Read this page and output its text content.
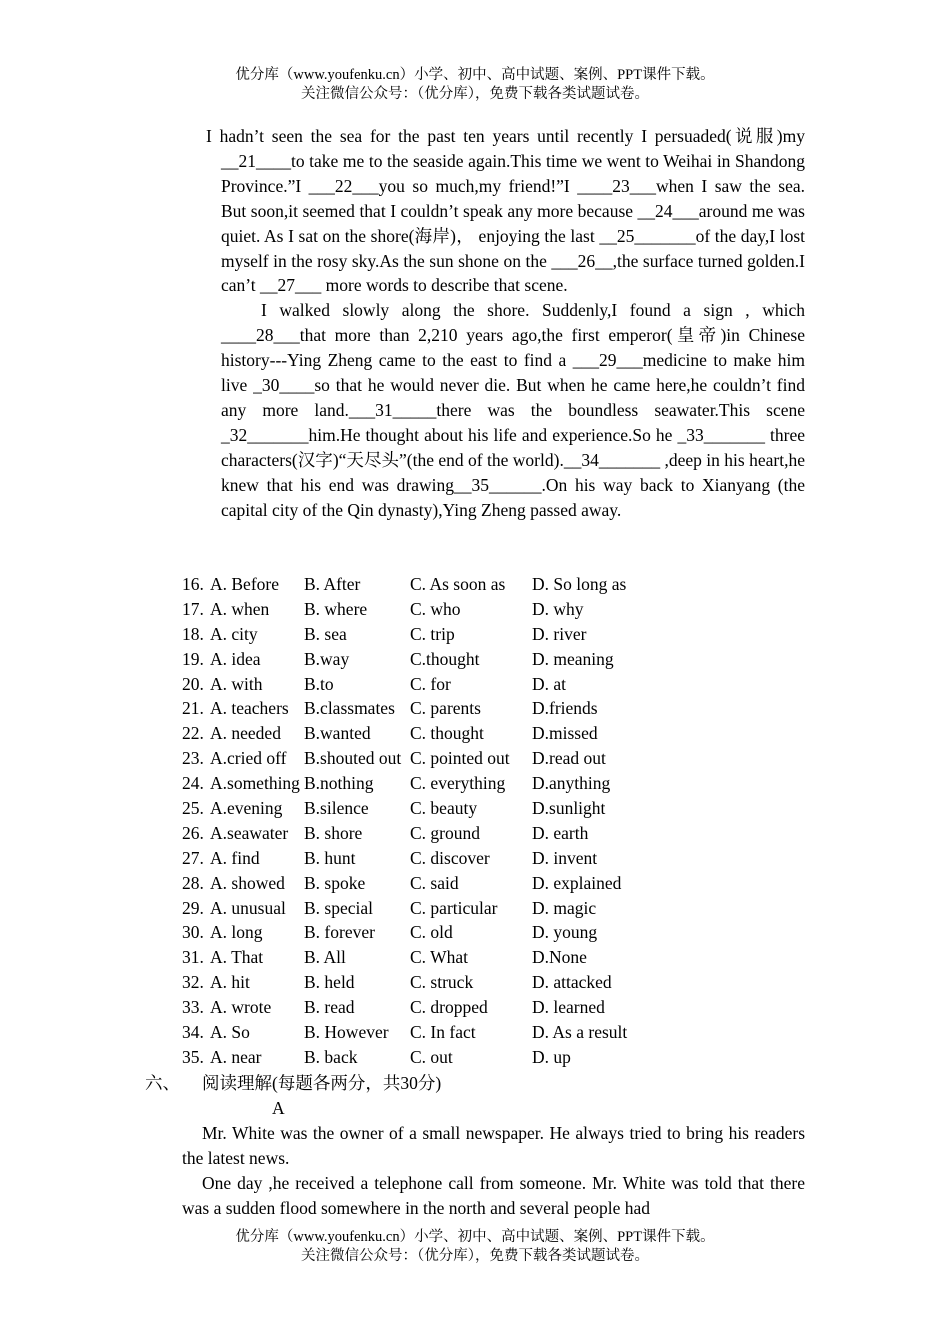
优分库（www.youfenku.cn）小学、初中、高中试题、案例、PPT课件下载。
关注微信公众号：（优分库），免费下载各类试题试卷。

I hadn’t seen the sea for the past ten years until recently I persuaded(说服)my __21____to take me to the seaside again.This time we went to Weihai in Shandong Province.”I ___22___you so much,my friend!”I ____23___when I saw the sea. But soon,it seemed that I couldn’t speak any more because __24___around me was quiet. As I sat on the shore(海岸)， enjoying the last __25_______of the day,I lost myself in the rosy sky.As the sun shone on the ___26__,the surface turned golden.I can’t __27___ more words to describe that scene.

I walked slowly along the shore. Suddenly,I found a sign , which ____28___that more than 2,210 years ago,the first emperor(皇帝)in Chinese history---Ying Zheng came to the east to find a ___29___medicine to make him live _30____so that he would never die. But when he came here,he couldn’t find any more land.___31_____there was the boundless seawater.This scene _32_______him.He thought about his life and experience.So he _33_______ three characters(汉字)“天尽头”(the end of the world).__34_______ ,deep in his heart,he knew that his end was drawing__35______.On his way back to Xianyang (the capital city of the Qin dynasty),Ying Zheng passed away.

16. A. Before B. After	C. As soon as D. So long as
17. A. when B. where C. who	D. why
18. A. city	B. sea	C. trip	D. river
19. A. idea B.way	C.thought	D. meaning
20. A. with B.to	C. for	D. at
21. A. teachers B.classmates C. parents	D.friends
22. A. needed B.wanted C. thought	D.missed
23. A.cried off B.shouted out C. pointed out D.read out
24. A.something B.nothing C. everything D.anything
25. A.evening B.silence C. beauty	D.sunlight
26. A.seawater B. shore	C. ground	D. earth
27. A. find	B. hunt	C. discover D. invent
28. A. showed B. spoke	C. said	D. explained
29. A. unusual B. special C. particular D. magic
30. A. long B. forever C. old	D. young
31. A. That B. All	C. What	D.None
32. A. hit	B. held	C. struck	D. attacked
33. A. wrote B. read	C. dropped	D. learned
34. A. So	B. However C. In fact	D. As a result
35. A. near B. back	C. out	D. up
六、 阅读理解(每题各两分，共30分)
A

Mr. White was the owner of a small newspaper. He always tried to bring his readers the latest news.

One day ,he received a telephone call from someone. Mr. White was told that there was a sudden flood somewhere in the north and several people had

优分库（www.youfenku.cn）小学、初中、高中试题、案例、PPT课件下载。
关注微信公众号：（优分库），免费下载各类试题试卷。
